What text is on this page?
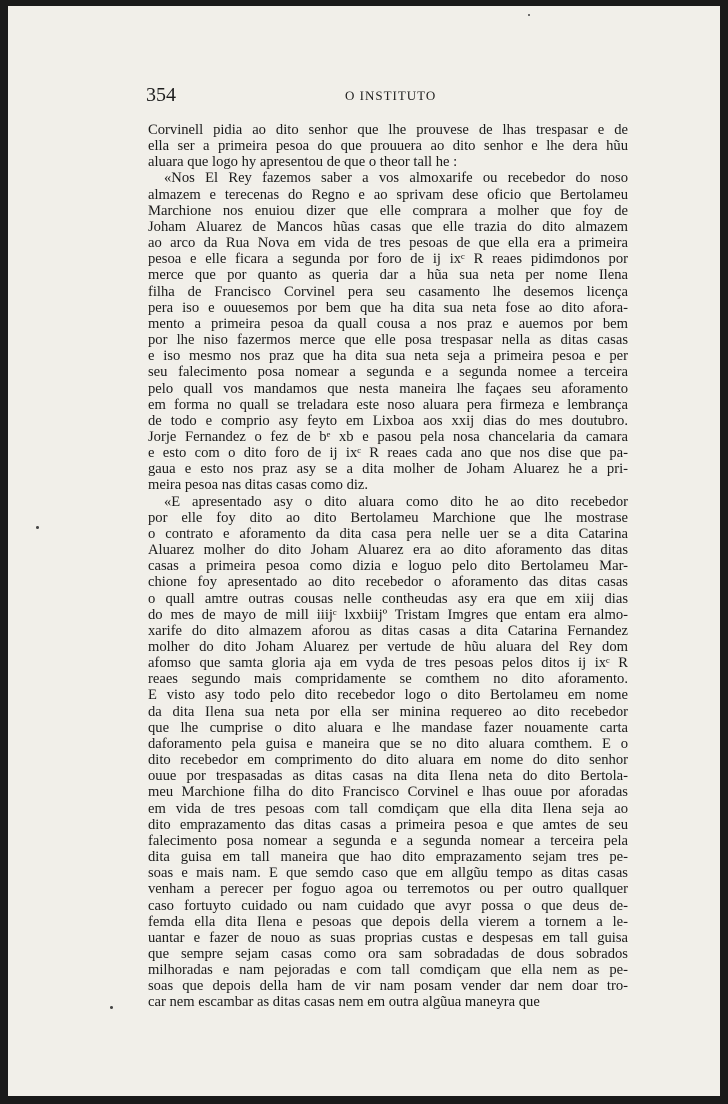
354	O INSTITUTO
Corvinell pidia ao dito senhor que lhe prouvese de lhas trespasar e de
ella ser a primeira pesoa do que prouuera ao dito senhor e lhe dera hũu
aluara que logo hy apresentou de que o theor tall he :
«Nos El Rey fazemos saber a vos almoxarife ou recebedor do noso
almazem e terecenas do Regno e ao sprivam dese oficio que Bertolameu
Marchione nos enuiou dizer que elle comprara a molher que foy de
Joham Aluarez de Mancos hũas casas que elle trazia do dito almazem
ao arco da Rua Nova em vida de tres pesoas de que ella era a primeira
pesoa e elle ficara a segunda por foro de ĳ ixᶜ R reaes pidimdonos por
merce que por quanto as queria dar a hũa sua neta per nome Ilena
filha de Francisco Corvinel pera seu casamento lhe desemos licença
pera iso e ouuesemos por bem que ha dita sua neta fose ao dito afora-
mento a primeira pesoa da quall cousa a nos praz e auemos por bem
por lhe niso fazermos merce que elle posa trespasar nella as ditas casas
e iso mesmo nos praz que ha dita sua neta seja a primeira pesoa e per
seu falecimento posa nomear a segunda e a segunda nomee a terceira
pelo quall vos mandamos que nesta maneira lhe façaes seu aforamento
em forma no quall se treladara este noso aluara pera firmeza e lembrança
de todo e comprio asy feyto em Lixboa aos xxij dias do mes doutubro.
Jorje Fernandez o fez de bᵉ xb e pasou pela nosa chancelaria da camara
e esto com o dito foro de ĳ ixᶜ R reaes cada ano que nos dise que pa-
gaua e esto nos praz asy se a dita molher de Joham Aluarez he a pri-
meira pesoa nas ditas casas como diz.
«E apresentado asy o dito aluara como dito he ao dito recebedor
por elle foy dito ao dito Bertolameu Marchione que lhe mostrase
o contrato e aforamento da dita casa pera nelle uer se a dita Catarina
Aluarez molher do dito Joham Aluarez era ao dito aforamento das ditas
casas a primeira pesoa como dizia e loguo pelo dito Bertolameu Mar-
chione foy apresentado ao dito recebedor o aforamento das ditas casas
o quall amtre outras cousas nelle contheudas asy era que em xiij dias
do mes de mayo de mill iiijᶜ lxxbiijº Tristam Imgres que entam era almo-
xarife do dito almazem aforou as ditas casas a dita Catarina Fernandez
molher do dito Joham Aluarez per vertude de hũu aluara del Rey dom
afomso que samta gloria aja em vyda de tres pesoas pelos ditos ĳ ixᶜ R
reaes segundo mais compridamente se comthem no dito aforamento.
E visto asy todo pelo dito recebedor logo o dito Bertolameu em nome
da dita Ilena sua neta por ella ser minina requereo ao dito recebedor
que lhe cumprise o dito aluara e lhe mandase fazer nouamente carta
daforamento pela guisa e maneira que se no dito aluara comthem. E o
dito recebedor em comprimento do dito aluara em nome do dito senhor
ouue por trespasadas as ditas casas na dita Ilena neta do dito Bertola-
meu Marchione filha do dito Francisco Corvinel e lhas ouue por aforadas
em vida de tres pesoas com tall comdiçam que ella dita Ilena seja ao
dito emprazamento das ditas casas a primeira pesoa e que amtes de seu
falecimento posa nomear a segunda e a segunda nomear a terceira pela
dita guisa em tall maneira que hao dito emprazamento sejam tres pe-
soas e mais nam. E que semdo caso que em allgũu tempo as ditas casas
venham a perecer per foguo agoa ou terremotos ou per outro quallquer
caso fortuyto cuidado ou nam cuidado que avyr possa o que deus de-
femda ella dita Ilena e pesoas que depois della vierem a tornem a le-
uantar e fazer de nouo as suas proprias custas e despesas em tall guisa
que sempre sejam casas como ora sam sobradadas de dous sobrados
milhoradas e nam pejoradas e com tall comdiçam que ella nem as pe-
soas que depois della ham de vir nam posam vender dar nem doar tro-
car nem escambar as ditas casas nem em outra algũua maneyra que
